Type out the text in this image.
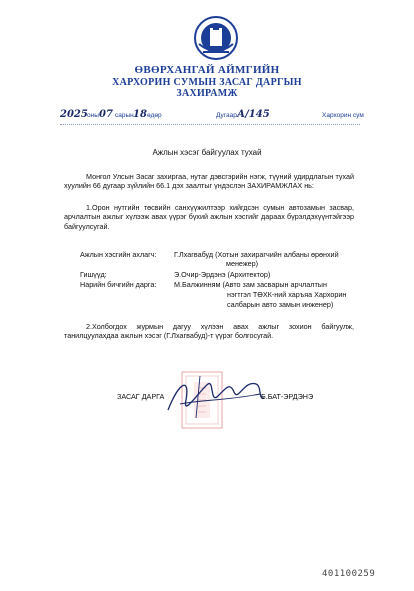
ӨВӨРХАНГАЙ АЙМГИЙН
ХАРХОРИН СУМЫН ЗАСАГ ДАРГЫН
ЗАХИРАМЖ
2025 оны 07 сарын 18 өдөр	Дугаар А/145	Хархорин сум
Ажлын хэсэг байгуулах тухай
Монгол Улсын Засаг захиргаа, нутаг дэвсгэрийн нэгж, түүний удирдлагын тухай хуулийн 66 дугаар зүйлийн 66.1 дэх заалтыг үндэслэн ЗАХИРАМЖЛАХ нь:
1.Орон нутгийн төсвийн санхүүжилтээр хийгдсэн сумын автозамын засвар, арчлалтын ажлыг хүлээж авах үүрэг бүхий ажлын хэсгийг дараах бүрэлдэхүүнтэйгээр байгуулсугай.
Ажлын хэсгийн ахлагч: Г.Лхагвабуд (Хотын захирагчийн албаны өрөнхий
менежер)
Гишүүд:	Э.Очир-Эрдэнэ (Архитектор)
Нарийн бичгийн дарга: М.Балжинням (Авто зам засварын арчлалтын
нэгтгэл ТӨХК-ний харъяа Хархорин
салбарын авто замын инженер)
2.Холбогдох журмын дагуу хүлээн авах ажлыг зохион байгуулж, танилцуулахдаа ажлын хэсэг (Г.Лхагвабуд)-т үүрэг болгосугай.
ЗАСАГ ДАРГА	Б.БАТ-ЭРДЭНЭ
401100259
